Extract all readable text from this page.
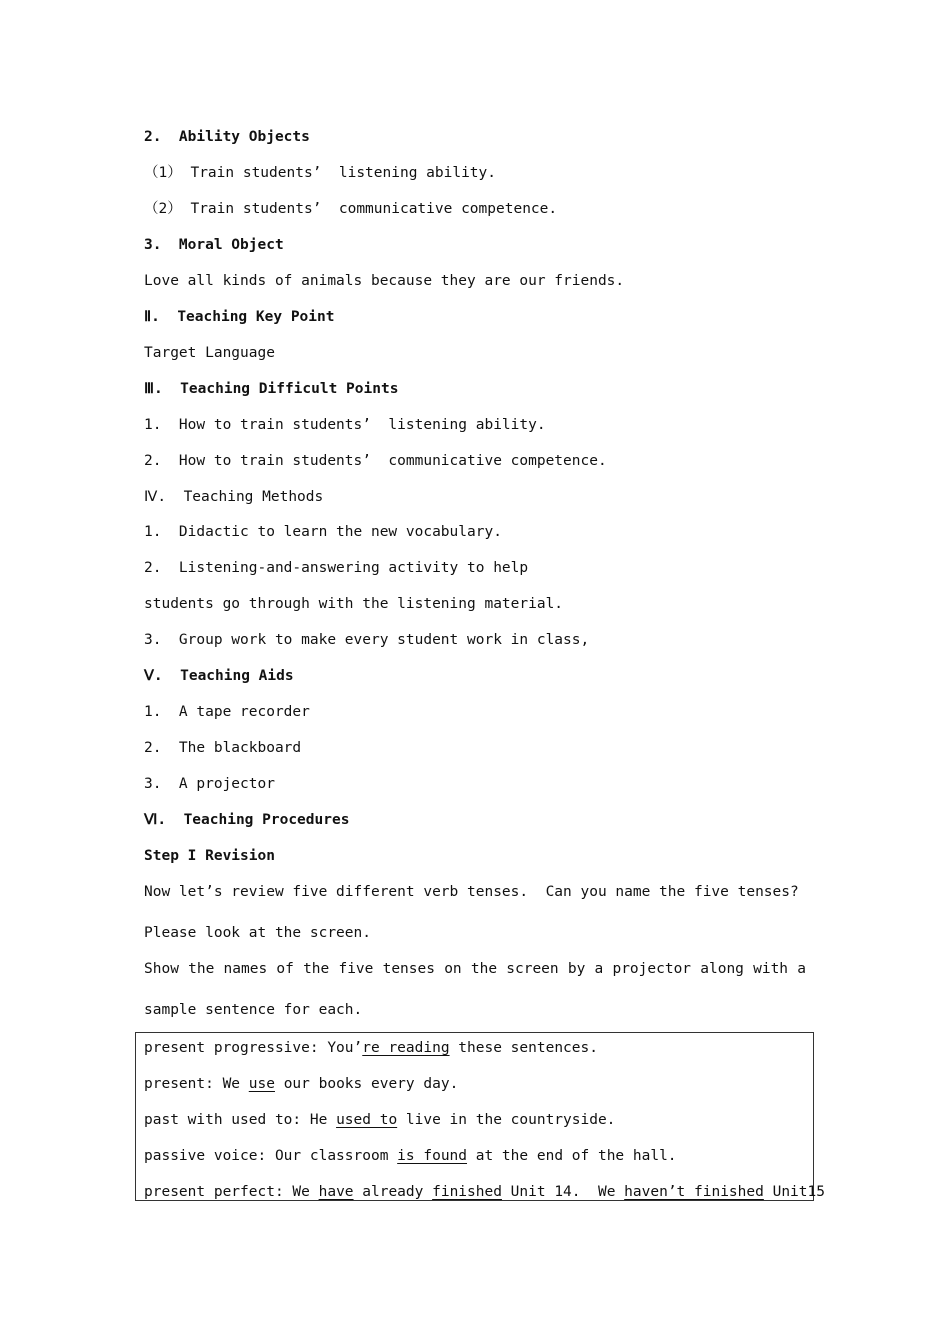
2.  Ability Objects
（1） Train students’  listening ability.
（2） Train students’  communicative competence.
3.  Moral Object
Love all kinds of animals because they are our friends.
Ⅱ.  Teaching Key Point
Target Language
Ⅲ.  Teaching Difficult Points
1.  How to train students’  listening ability.
2.  How to train students’  communicative competence.
Ⅳ.  Teaching Methods
1.  Didactic to learn the new vocabulary.
2.  Listening-and-answering activity to help
students go through with the listening material.
3.  Group work to make every student work in class,
Ⅴ.  Teaching Aids
1.  A tape recorder
2.  The blackboard
3.  A projector
Ⅵ.  Teaching Procedures
Step I Revision
Now let’s review five different verb tenses.  Can you name the five tenses?
Please look at the screen.
Show the names of the five tenses on the screen by a projector along with a
sample sentence for each.
present progressive: You’re reading these sentences.
present: We use our books every day.
past with used to: He used to live in the countryside.
passive voice: Our classroom is found at the end of the hall.
present perfect: We have already finished Unit 14.  We haven’t finished Unit15
